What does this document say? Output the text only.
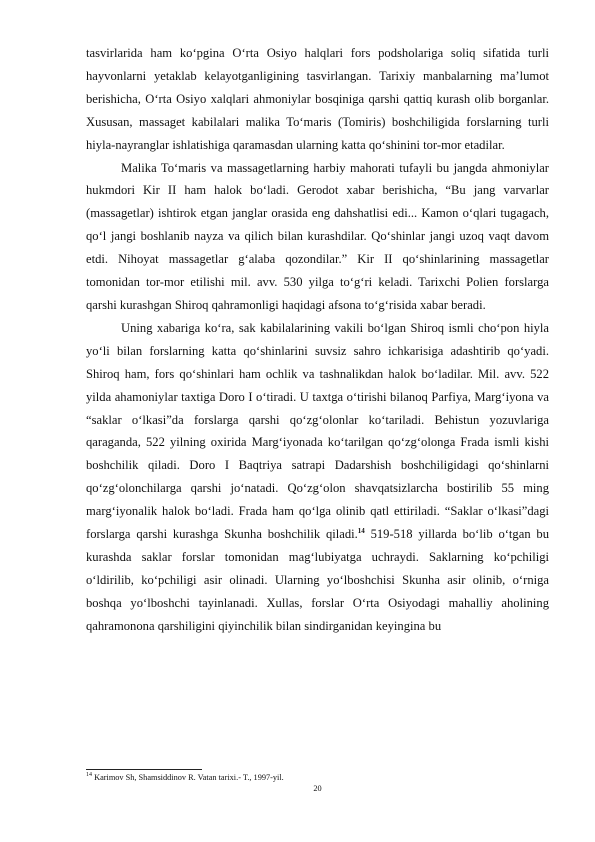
tasvirlarida ham ko‘pgina O‘rta Osiyo halqlari fors podsholariga soliq sifatida turli hayvonlarni yetaklab kelayotganligining tasvirlangan. Tarixiy manbalarning ma’lumot berishicha, O‘rta Osiyo xalqlari ahmoniylar bosqiniga qarshi qattiq kurash olib borganlar. Xususan, massaget kabilalari malika To‘maris (Tomiris) boshchiligida forslarning turli hiyla-nayranglar ishlatishiga qaramasdan ularning katta qo‘shinini tor-mor etadilar.

Malika To‘maris va massagetlarning harbiy mahorati tufayli bu jangda ahmoniylar hukmdori Kir II ham halok bo‘ladi. Gerodot xabar berishicha, “Bu jang varvarlar (massagetlar) ishtirok etgan janglar orasida eng dahshatlisi edi... Kamon o‘qlari tugagach, qo‘l jangi boshlanib nayza va qilich bilan kurashdilar. Qo‘shinlar jangi uzoq vaqt davom etdi. Nihoyat massagetlar g‘alaba qozondilar.” Kir II qo‘shinlarining massagetlar tomonidan tor-mor etilishi mil. avv. 530 yilga to‘g‘ri keladi. Tarixchi Polien forslarga qarshi kurashgan Shiroq qahramonligi haqidagi afsona to‘g‘risida xabar beradi.

Uning xabariga ko‘ra, sak kabilalarining vakili bo‘lgan Shiroq ismli cho‘pon hiyla yo‘li bilan forslarning katta qo‘shinlarini suvsiz sahro ichkarisiga adashtirib qo‘yadi. Shiroq ham, fors qo‘shinlari ham ochlik va tashnalikdan halok bo‘ladilar. Mil. avv. 522 yilda ahamoniylar taxtiga Doro I o‘tiradi. U taxtga o‘tirishi bilanoq Parfiya, Marg‘iyona va “saklar o‘lkasi”da forslarga qarshi qo‘zg‘olonlar ko‘tariladi. Behistun yozuvlariga qaraganda, 522 yilning oxirida Marg‘iyonada ko‘tarilgan qo‘zg‘olonga Frada ismli kishi boshchilik qiladi. Doro I Baqtriya satrapi Dadarshish boshchiligidagi qo‘shinlarni qo‘zg‘olonchilarga qarshi jo‘natadi. Qo‘zg‘olon shavqatsizlarcha bostirilib 55 ming marg‘iyonalik halok bo‘ladi. Frada ham qo‘lga olinib qatl ettiriladi. “Saklar o‘lkasi”dagi forslarga qarshi kurashga Skunha boshchilik qiladi.$^{14}$ 519-518 yillarda bo‘lib o‘tgan bu kurashda saklar forslar tomonidan mag‘lubiyatga uchraydi. Saklarning ko‘pchiligi o‘ldirilib, ko‘pchiligi asir olinadi. Ularning yo‘lboshchisi Skunha asir olinib, o‘rniga boshqa yo‘lboshchi tayinlanadi. Xullas, forslar O‘rta Osiyodagi mahalliy aholining qahramonona qarshiligini qiyinchilik bilan sindirganidan keyingina bu

$^{14}$ Karimov Sh, Shamsiddinov R. Vatan tarixi.- T., 1997-yil.

20
